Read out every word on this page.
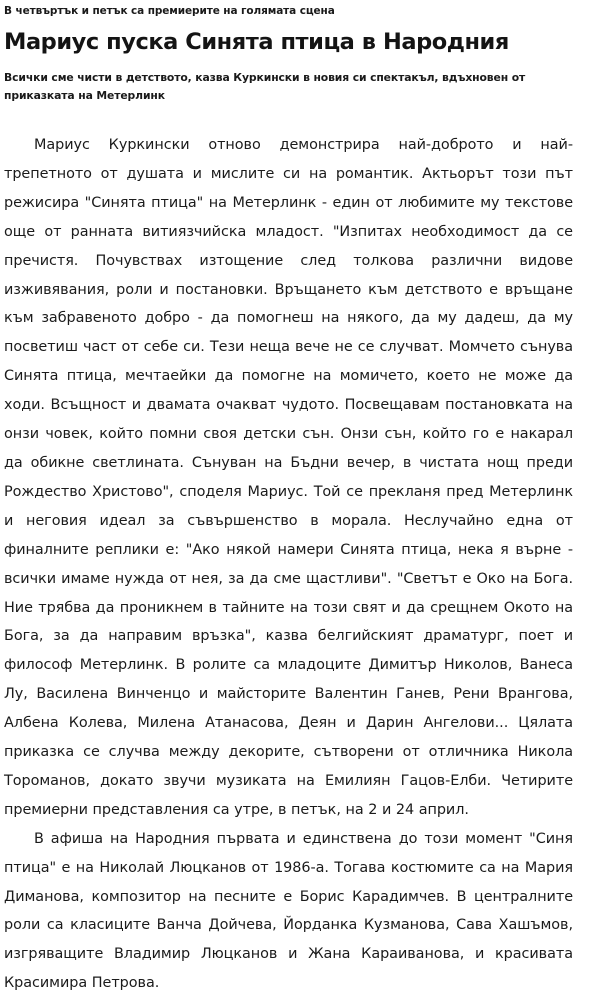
В четвъртък и петък са премиерите на голямата сцена
Мариус пуска Синята птица в Народния
Всички сме чисти в детството, казва Куркински в новия си спектакъл, вдъхновен от приказката на Метерлинк

Мариус Куркински отново демонстрира най-доброто и най-трепетното от душата и мислите си на романтик. Актьорът този път режисира "Синята птица" на Метерлинк - един от любимите му текстове още от раннaта витиязчийска младост. "Изпитах необходимост да се пречистя. Почувствах изтощение след толкова различни видове изживявания, роли и постановки. Връщането към детството е връщане към забравеното добро - да помогнеш на някого, да му дадеш, да му посветиш част от себе си. Тези неща вече не се случват. Момчето сънува Синята птица, мечтаейки да помогне на момичето, което не може да ходи. Всъщност и двамата очакват чудото. Посвещавам постановката на онзи човек, който помни своя детски сън. Онзи сън, който го е накарал да обикне светлината. Сънуван на Бъдни вечер, в чистата нощ преди Рождество Христово", споделя Мариус. Той се прекланя пред Метерлинк и неговия идеал за съвършенство в морала. Неслучайно една от финалните реплики е: "Ако някой намери Синята птица, нека я върне - всички имаме нужда от нея, за да сме щастливи". "Светът е Око на Бога. Ние трябва да проникнем в тайните на този свят и да срещнем Окото на Бога, за да направим връзка", казва белгийският драматург, поет и философ Метерлинк. В ролите са младоците Димитър Николов, Ванеса Лу, Василена Винченцо и майсторите Валентин Ганев, Рени Врангова, Албена Колева, Милена Атанасова, Деян и Дарин Ангелови... Цялата приказка се случва между декорите, сътворени от отличника Никола Тороманов, докато звучи музиката на Емилиян Гацов-Елби. Четирите премиерни представления са утре, в петък, на 2 и 24 април.

В афиша на Народния първата и единствена до този момент "Синя птица" е на Николай Люцканов от 1986-а. Тогава костюмите са на Мария Диманова, композитор на песните е Борис Карадимчев. В централните роли са класиците Ванча Дойчева, Йорданка Кузманова, Сава Хашъмов, изгряващите Владимир Люцканов и Жана Караиванова, и красивата Красимира Петрова.
